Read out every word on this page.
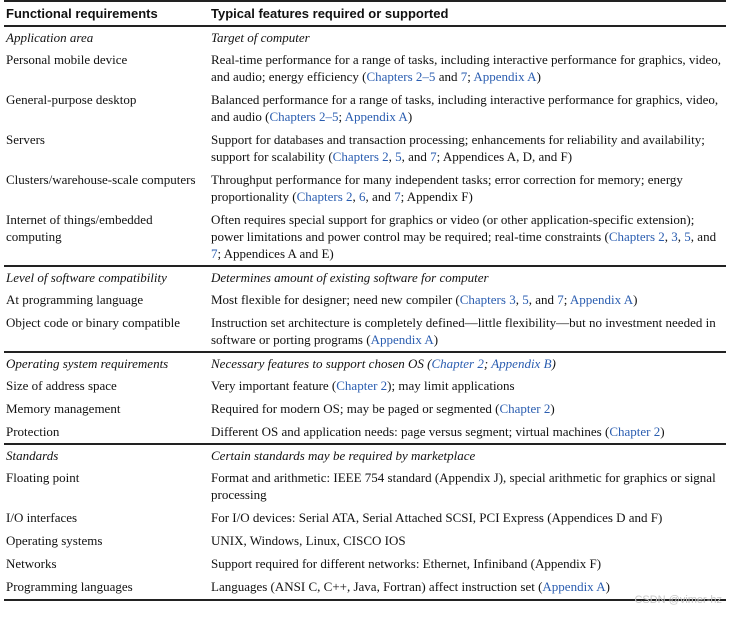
Functional requirements	Typical features required or supported
Application area	Target of computer
Personal mobile device	Real-time performance for a range of tasks, including interactive performance for graphics, video, and audio; energy efficiency (Chapters 2–5 and 7; Appendix A)
General-purpose desktop	Balanced performance for a range of tasks, including interactive performance for graphics, video, and audio (Chapters 2–5; Appendix A)
Servers	Support for databases and transaction processing; enhancements for reliability and availability; support for scalability (Chapters 2, 5, and 7; Appendices A, D, and F)
Clusters/warehouse-scale computers	Throughput performance for many independent tasks; error correction for memory; energy proportionality (Chapters 2, 6, and 7; Appendix F)
Internet of things/embedded computing	Often requires special support for graphics or video (or other application-specific extension); power limitations and power control may be required; real-time constraints (Chapters 2, 3, 5, and 7; Appendices A and E)
Level of software compatibility	Determines amount of existing software for computer
At programming language	Most flexible for designer; need new compiler (Chapters 3, 5, and 7; Appendix A)
Object code or binary compatible	Instruction set architecture is completely defined—little flexibility—but no investment needed in software or porting programs (Appendix A)
Operating system requirements	Necessary features to support chosen OS (Chapter 2; Appendix B)
Size of address space	Very important feature (Chapter 2); may limit applications
Memory management	Required for modern OS; may be paged or segmented (Chapter 2)
Protection	Different OS and application needs: page versus segment; virtual machines (Chapter 2)
Standards	Certain standards may be required by marketplace
Floating point	Format and arithmetic: IEEE 754 standard (Appendix J), special arithmetic for graphics or signal processing
I/O interfaces	For I/O devices: Serial ATA, Serial Attached SCSI, PCI Express (Appendices D and F)
Operating systems	UNIX, Windows, Linux, CISCO IOS
Networks	Support required for different networks: Ethernet, Infiniband (Appendix F)
Programming languages	Languages (ANSI C, C++, Java, Fortran) affect instruction set (Appendix A)
CSDN @vimer-hz
